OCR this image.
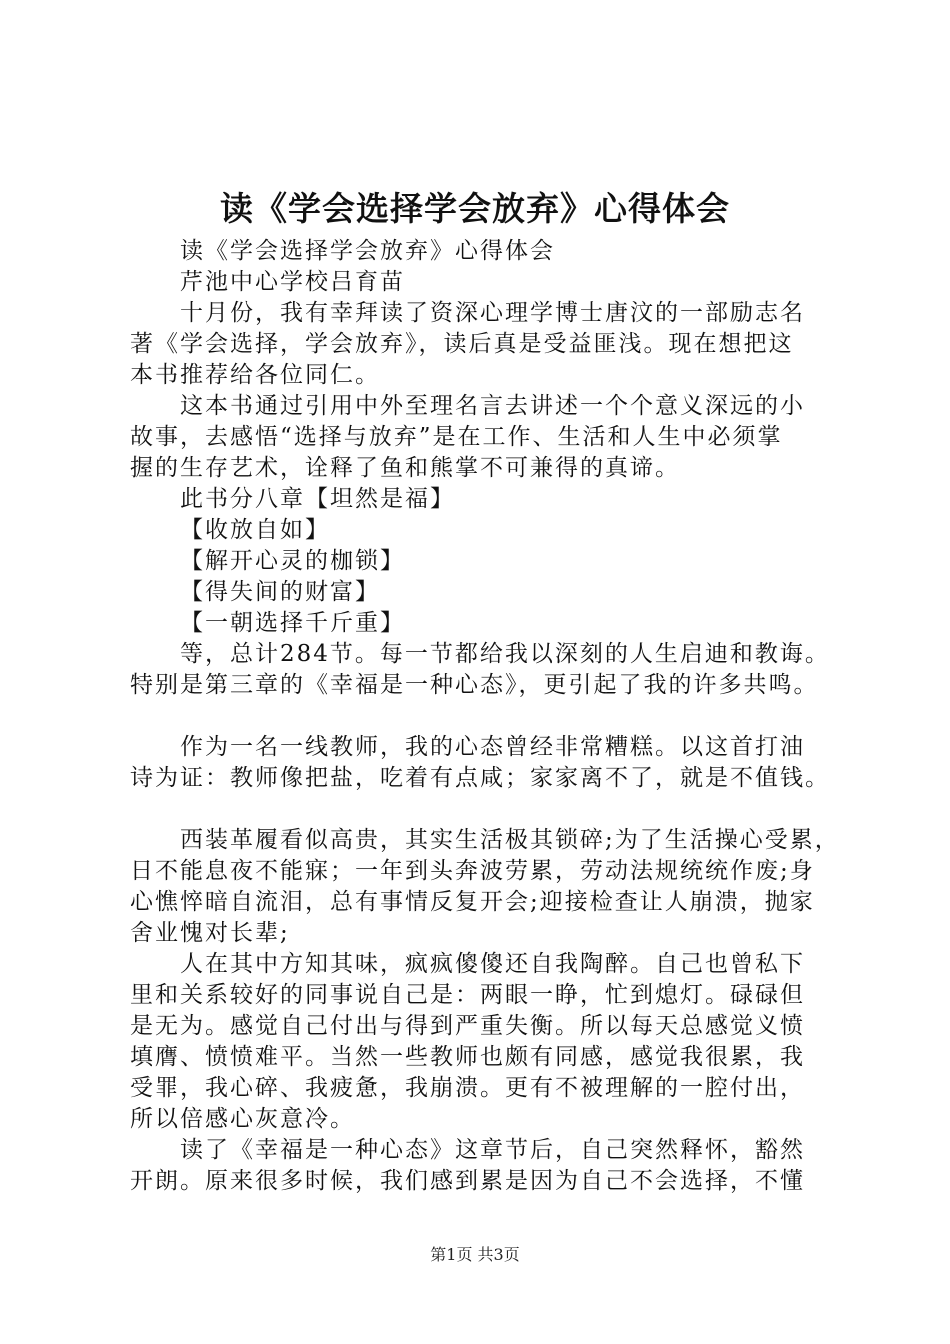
读《学会选择学会放弃》心得体会
读《学会选择学会放弃》心得体会
芹池中心学校吕育苗
十月份，我有幸拜读了资深心理学博士唐汶的一部励志名
著《学会选择，学会放弃》，读后真是受益匪浅。现在想把这
本书推荐给各位同仁。
这本书通过引用中外至理名言去讲述一个个意义深远的小
故事，去感悟“选择与放弃”是在工作、生活和人生中必须掌
握的生存艺术，诠释了鱼和熊掌不可兼得的真谛。
此书分八章【坦然是福】
【收放自如】
【解开心灵的枷锁】
【得失间的财富】
【一朝选择千斤重】
等，总计284节。每一节都给我以深刻的人生启迪和教诲。
特别是第三章的《幸福是一种心态》，更引起了我的许多共鸣。
作为一名一线教师，我的心态曾经非常糟糕。以这首打油
诗为证：教师像把盐，吃着有点咸；家家离不了，就是不值钱。
西装革履看似高贵，其实生活极其锁碎;为了生活操心受累，
日不能息夜不能寐；一年到头奔波劳累，劳动法规统统作废;身
心憔悴暗自流泪，总有事情反复开会;迎接检查让人崩溃，抛家
舍业愧对长辈;
人在其中方知其味，疯疯傻傻还自我陶醉。自己也曾私下
里和关系较好的同事说自己是：两眼一睁，忙到熄灯。碌碌但
是无为。感觉自己付出与得到严重失衡。所以每天总感觉义愤
填膺、愤愤难平。当然一些教师也颇有同感，感觉我很累，我
受罪，我心碎、我疲惫，我崩溃。更有不被理解的一腔付出，
所以倍感心灰意冷。
读了《幸福是一种心态》这章节后，自己突然释怀，豁然
开朗。原来很多时候，我们感到累是因为自己不会选择，不懂
第1页 共3页
